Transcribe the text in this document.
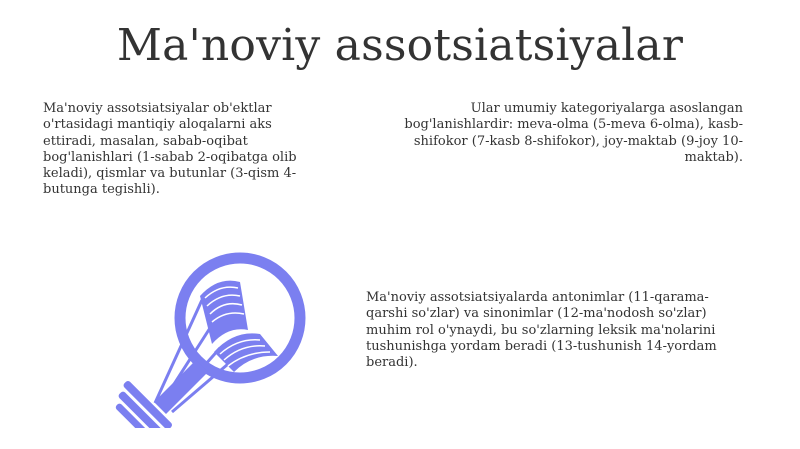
Ma'noviy assotsiatsiyalar
Ma'noviy assotsiatsiyalar ob'ektlar o'rtasidagi mantiqiy aloqalarni aks ettiradi, masalan, sabab-oqibat bog'lanishlari (1-sabab 2-oqibatga olib keladi), qismlar va butunlar (3-qism 4-butunga tegishli).
Ular umumiy kategoriyalarga asoslangan bog'lanishlardir: meva-olma (5-meva 6-olma), kasb-shifokor (7-kasb 8-shifokor), joy-maktab (9-joy 10-maktab).
Ma'noviy assotsiatsiyalarda antonimlar (11-qarama-qarshi so'zlar) va sinonimlar (12-ma'nodosh so'zlar) muhim rol o'ynaydi, bu so'zlarning leksik ma'nolarini tushunishga yordam beradi (13-tushunish 14-yordam beradi).
